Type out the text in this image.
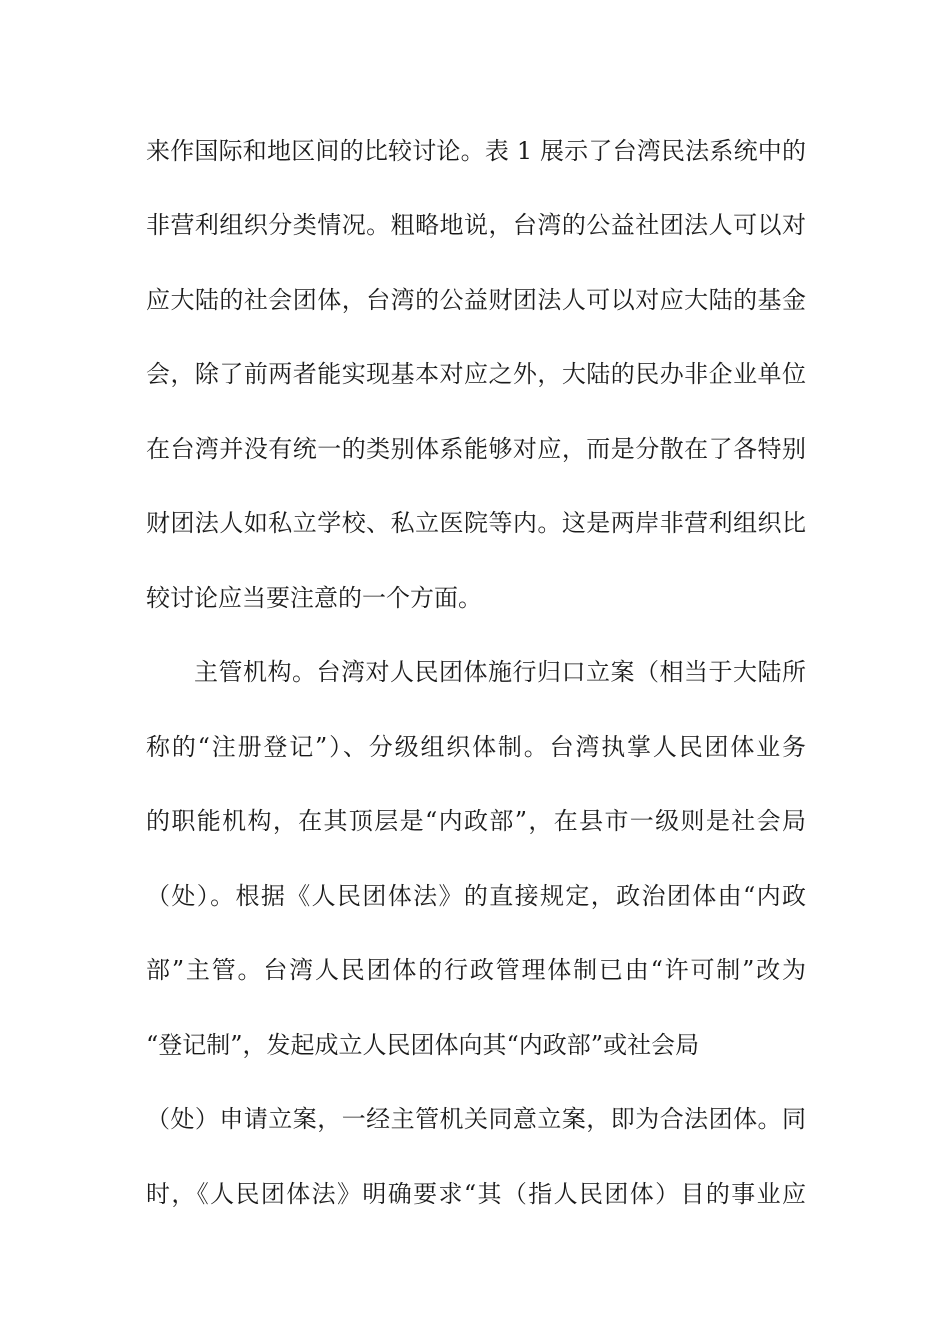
来作国际和地区间的比较讨论。表 1 展示了台湾民法系统中的
非营利组织分类情况。粗略地说，台湾的公益社团法人可以对
应大陆的社会团体，台湾的公益财团法人可以对应大陆的基金
会，除了前两者能实现基本对应之外，大陆的民办非企业单位
在台湾并没有统一的类别体系能够对应，而是分散在了各特别
财团法人如私立学校、私立医院等内。这是两岸非营利组织比
较讨论应当要注意的一个方面。
主管机构。台湾对人民团体施行归口立案（相当于大陆所
称的“注册登记”）、分级组织体制。台湾执掌人民团体业务
的职能机构，在其顶层是“内政部”，在县市一级则是社会局
（处）。根据《人民团体法》的直接规定，政治团体由“内政
部”主管。台湾人民团体的行政管理体制已由“许可制”改为
“登记制”，发起成立人民团体向其“内政部”或社会局
（处）申请立案，一经主管机关同意立案，即为合法团体。同
时，《人民团体法》明确要求“其（指人民团体）目的事业应
